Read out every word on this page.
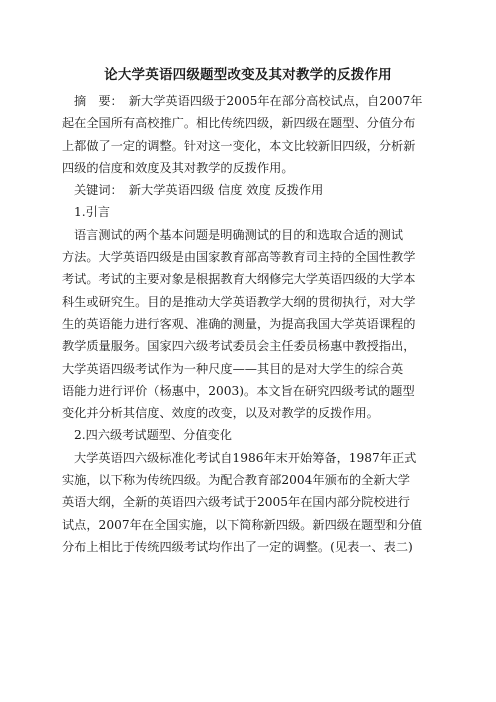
论大学英语四级题型改变及其对教学的反拨作用
摘　要：　新大学英语四级于2005年在部分高校试点，自2007年
起在全国所有高校推广。相比传统四级，新四级在题型、分值分布
上都做了一定的调整。针对这一变化，本文比较新旧四级，分析新
四级的信度和效度及其对教学的反拨作用。
关键词：　新大学英语四级 信度 效度 反拨作用
1.引言
语言测试的两个基本问题是明确测试的目的和选取合适的测试
方法。大学英语四级是由国家教育部高等教育司主持的全国性教学
考试。考试的主要对象是根据教育大纲修完大学英语四级的大学本
科生或研究生。目的是推动大学英语教学大纲的贯彻执行，对大学
生的英语能力进行客观、准确的测量，为提高我国大学英语课程的
教学质量服务。国家四六级考试委员会主任委员杨惠中教授指出，
大学英语四级考试作为一种尺度——其目的是对大学生的综合英
语能力进行评价（杨惠中，2003)。本文旨在研究四级考试的题型
变化并分析其信度、效度的改变，以及对教学的反拨作用。
2.四六级考试题型、分值变化
大学英语四六级标准化考试自1986年末开始筹备，1987年正式
实施，以下称为传统四级。为配合教育部2004年颁布的全新大学
英语大纲，全新的英语四六级考试于2005年在国内部分院校进行
试点，2007年在全国实施，以下简称新四级。新四级在题型和分值
分布上相比于传统四级考试均作出了一定的调整。(见表一、表二)
